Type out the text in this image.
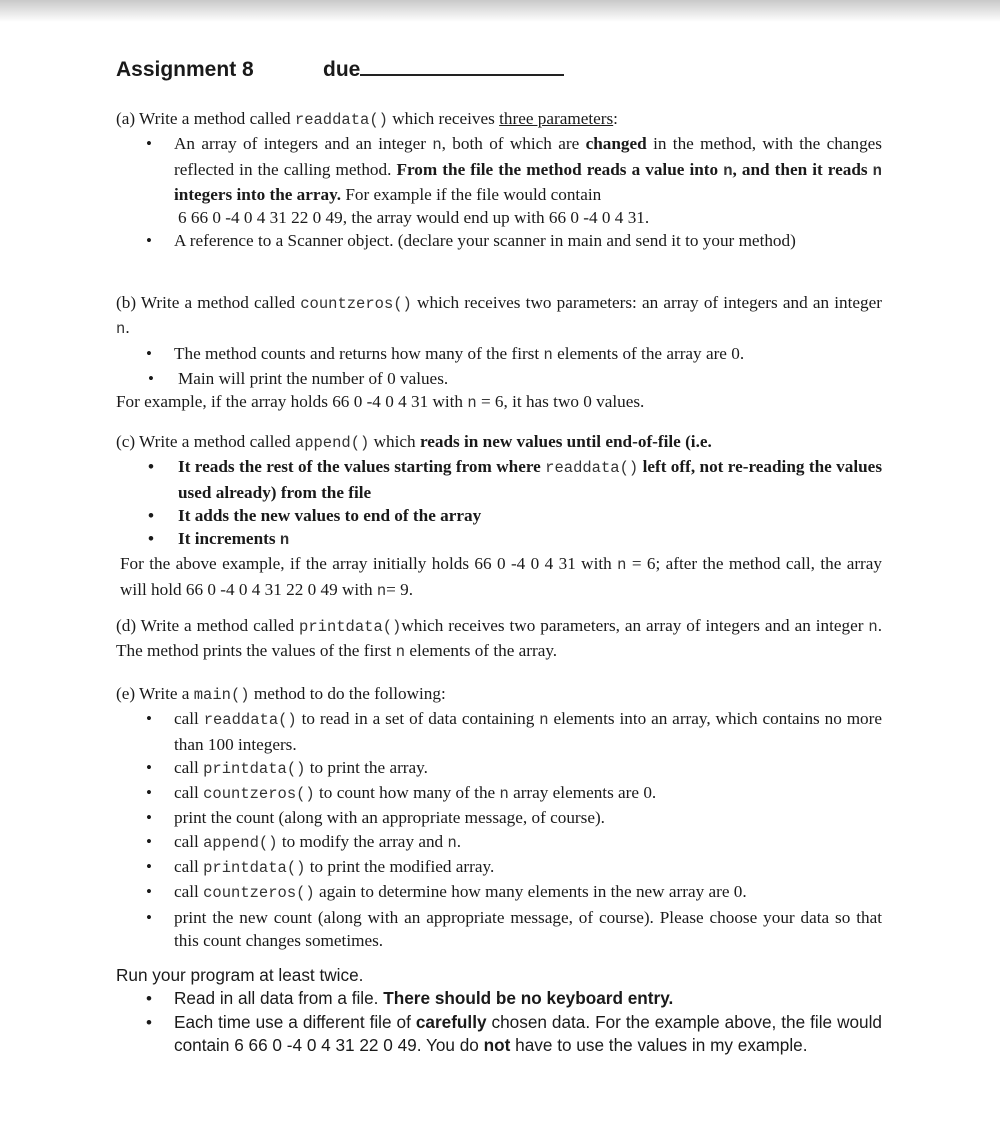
Assignment 8	due

(a) Write a method called readdata() which receives three parameters:

• An array of integers and an integer n, both of which are changed in the method, with the changes reflected in the calling method. From the file the method reads a value into n, and then it reads n integers into the array. For example if the file would contain
6 66 0 -4 0 4 31 22 0 49, the array would end up with 66 0 -4 0 4 31.
• A reference to a Scanner object. (declare your scanner in main and send it to your method)

(b) Write a method called countzeros() which receives two parameters: an array of integers and an integer n.

• The method counts and returns how many of the first n elements of the array are 0.
• Main will print the number of 0 values.

For example, if the array holds 66 0 -4 0 4 31 with n = 6, it has two 0 values.

(c) Write a method called append() which reads in new values until end-of-file (i.e.

• It reads the rest of the values starting from where readdata() left off, not re-reading the values used already) from the file
• It adds the new values to end of the array
• It increments n

For the above example, if the array initially holds 66 0 -4 0 4 31 with n = 6; after the method call, the array will hold 66 0 -4 0 4 31 22 0 49 with n= 9.

(d) Write a method called printdata()which receives two parameters, an array of integers and an integer n. The method prints the values of the first n elements of the array.

(e) Write a main() method to do the following:

• call readdata() to read in a set of data containing n elements into an array, which contains no more than 100 integers.
• call printdata() to print the array.
• call countzeros() to count how many of the n array elements are 0.
• print the count (along with an appropriate message, of course).
• call append() to modify the array and n.
• call printdata() to print the modified array.
• call countzeros() again to determine how many elements in the new array are 0.
• print the new count (along with an appropriate message, of course). Please choose your data so that this count changes sometimes.

Run your program at least twice.

• Read in all data from a file. There should be no keyboard entry.
• Each time use a different file of carefully chosen data. For the example above, the file would contain 6 66 0 -4 0 4 31 22 0 49. You do not have to use the values in my example.
